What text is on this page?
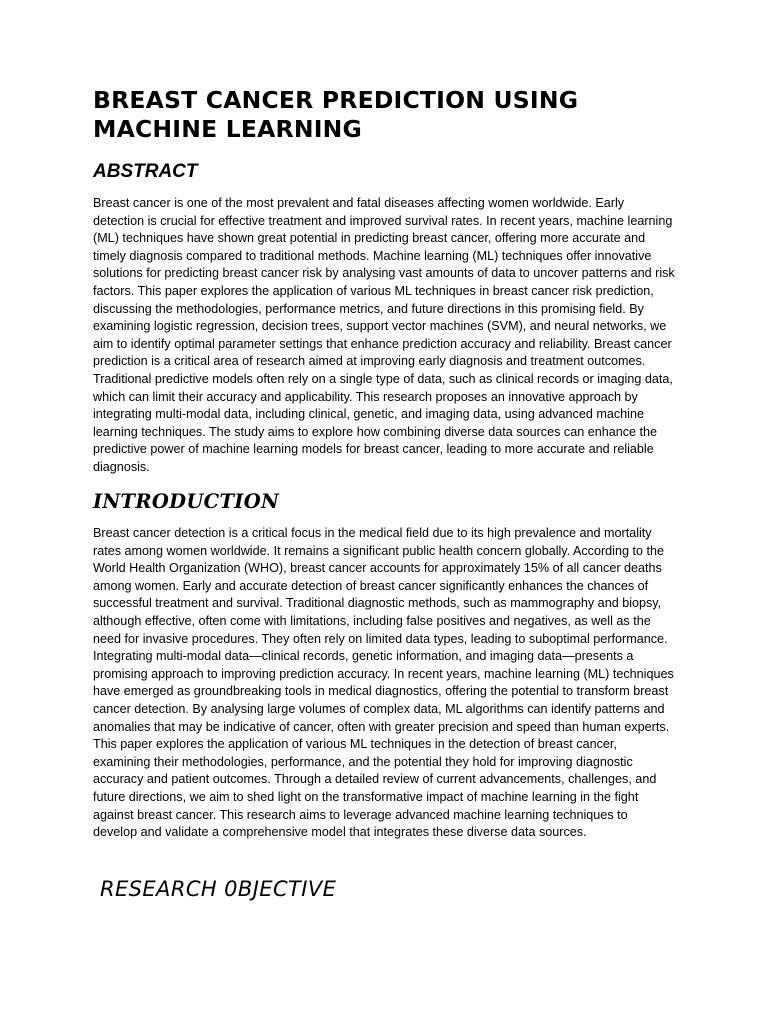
BREAST CANCER PREDICTION USING MACHINE LEARNING
ABSTRACT

Breast cancer is one of the most prevalent and fatal diseases affecting women worldwide. Early detection is crucial for effective treatment and improved survival rates. In recent years, machine learning (ML) techniques have shown great potential in predicting breast cancer, offering more accurate and timely diagnosis compared to traditional methods. Machine learning (ML) techniques offer innovative solutions for predicting breast cancer risk by analysing vast amounts of data to uncover patterns and risk factors. This paper explores the application of various ML techniques in breast cancer risk prediction, discussing the methodologies, performance metrics, and future directions in this promising field. By examining logistic regression, decision trees, support vector machines (SVM), and neural networks, we aim to identify optimal parameter settings that enhance prediction accuracy and reliability. Breast cancer prediction is a critical area of research aimed at improving early diagnosis and treatment outcomes. Traditional predictive models often rely on a single type of data, such as clinical records or imaging data, which can limit their accuracy and applicability. This research proposes an innovative approach by integrating multi-modal data, including clinical, genetic, and imaging data, using advanced machine learning techniques. The study aims to explore how combining diverse data sources can enhance the predictive power of machine learning models for breast cancer, leading to more accurate and reliable diagnosis.

INTRODUCTION

Breast cancer detection is a critical focus in the medical field due to its high prevalence and mortality rates among women worldwide. It remains a significant public health concern globally. According to the World Health Organization (WHO), breast cancer accounts for approximately 15% of all cancer deaths among women. Early and accurate detection of breast cancer significantly enhances the chances of successful treatment and survival. Traditional diagnostic methods, such as mammography and biopsy, although effective, often come with limitations, including false positives and negatives, as well as the need for invasive procedures. They often rely on limited data types, leading to suboptimal performance. Integrating multi-modal data—clinical records, genetic information, and imaging data—presents a promising approach to improving prediction accuracy. In recent years, machine learning (ML) techniques have emerged as groundbreaking tools in medical diagnostics, offering the potential to transform breast cancer detection. By analysing large volumes of complex data, ML algorithms can identify patterns and anomalies that may be indicative of cancer, often with greater precision and speed than human experts. This paper explores the application of various ML techniques in the detection of breast cancer, examining their methodologies, performance, and the potential they hold for improving diagnostic accuracy and patient outcomes. Through a detailed review of current advancements, challenges, and future directions, we aim to shed light on the transformative impact of machine learning in the fight against breast cancer. This research aims to leverage advanced machine learning techniques to develop and validate a comprehensive model that integrates these diverse data sources.

RESEARCH 0BJECTIVE
